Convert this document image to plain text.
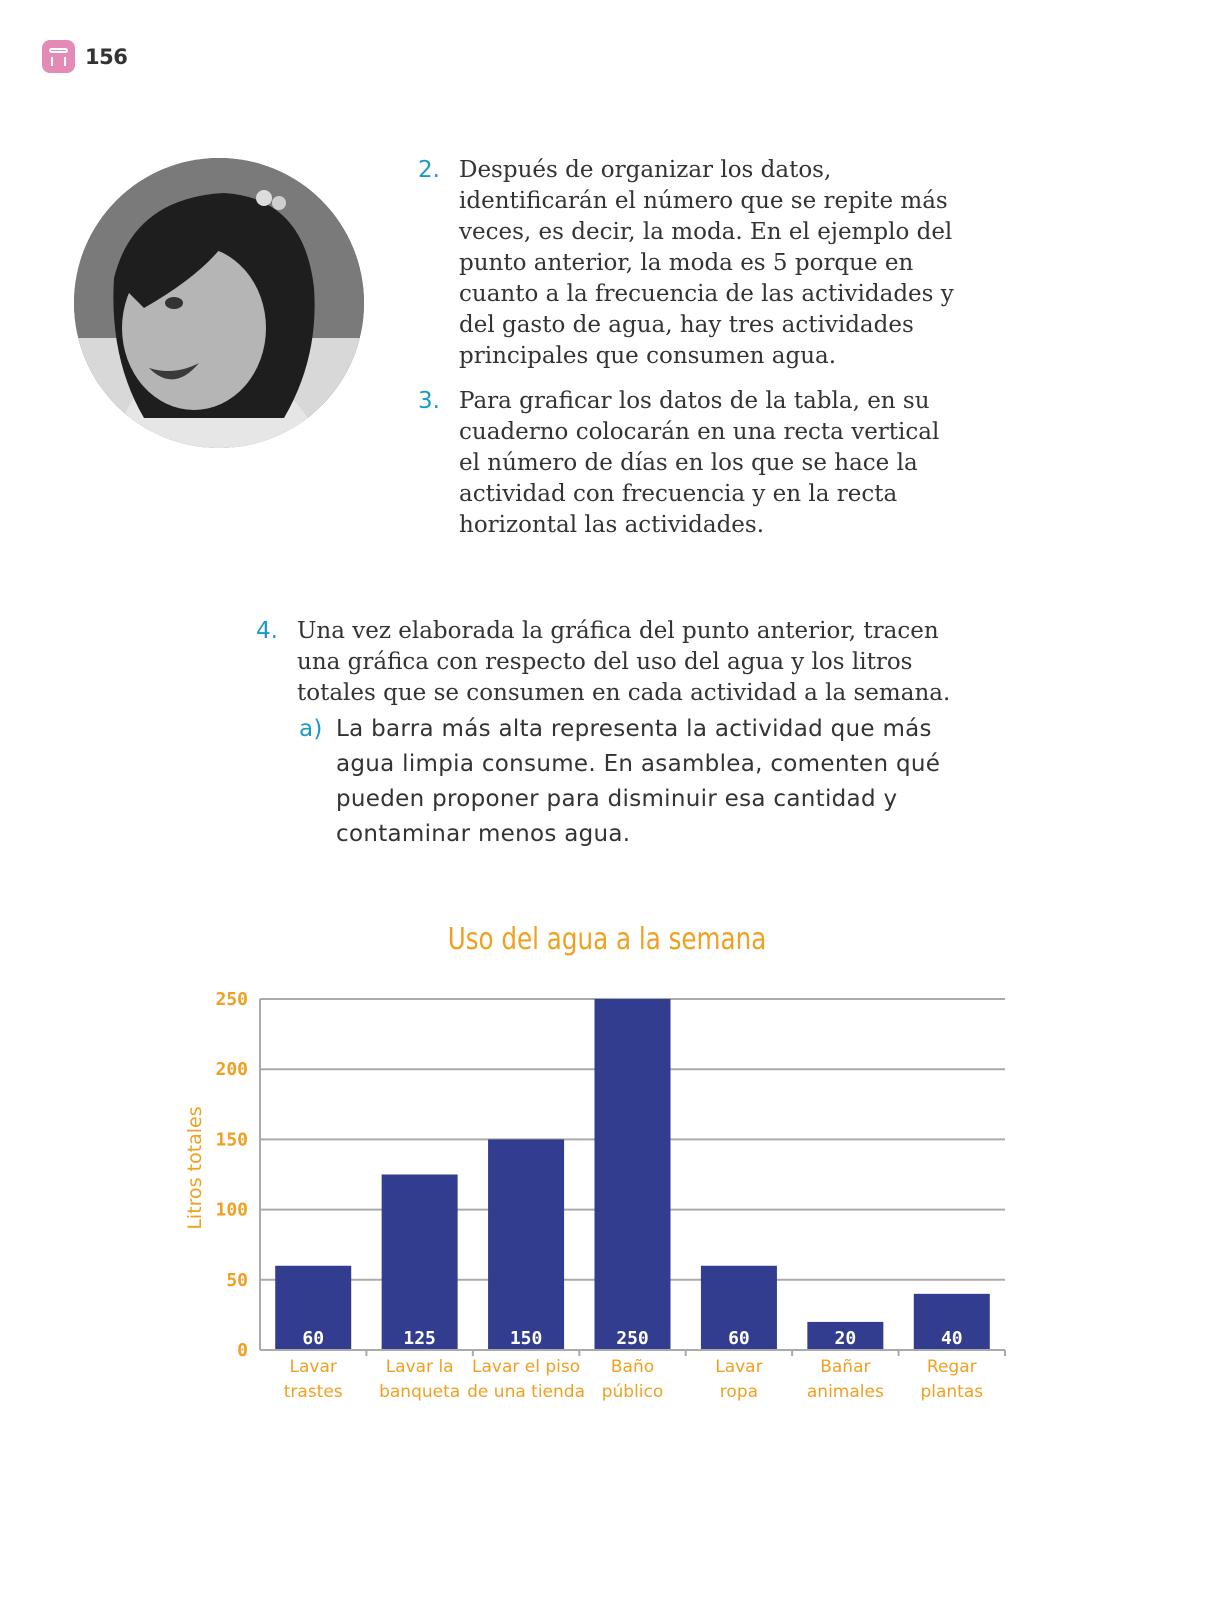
156
2. Después de organizar los datos, identificarán el número que se repite más veces, es decir, la moda. En el ejemplo del punto anterior, la moda es 5 porque en cuanto a la frecuencia de las actividades y del gasto de agua, hay tres actividades principales que consumen agua.

3. Para graficar los datos de la tabla, en su cuaderno colocarán en una recta vertical el número de días en los que se hace la actividad con frecuencia y en la recta horizontal las actividades.

4. Una vez elaborada la gráfica del punto anterior, tracen una gráfica con respecto del uso del agua y los litros totales que se consumen en cada actividad a la semana.

a) La barra más alta representa la actividad que más agua limpia consume. En asamblea, comenten qué pueden proponer para disminuir esa cantidad y contaminar menos agua.

Uso del agua a la semana
0
50
100
150
200
250
Litros totales
60
Lavar
trastes
125
Lavar la
banqueta
150
Lavar el piso
de una tienda
250
Baño
público
60
Lavar
ropa
20
Bañar
animales
40
Regar
plantas
